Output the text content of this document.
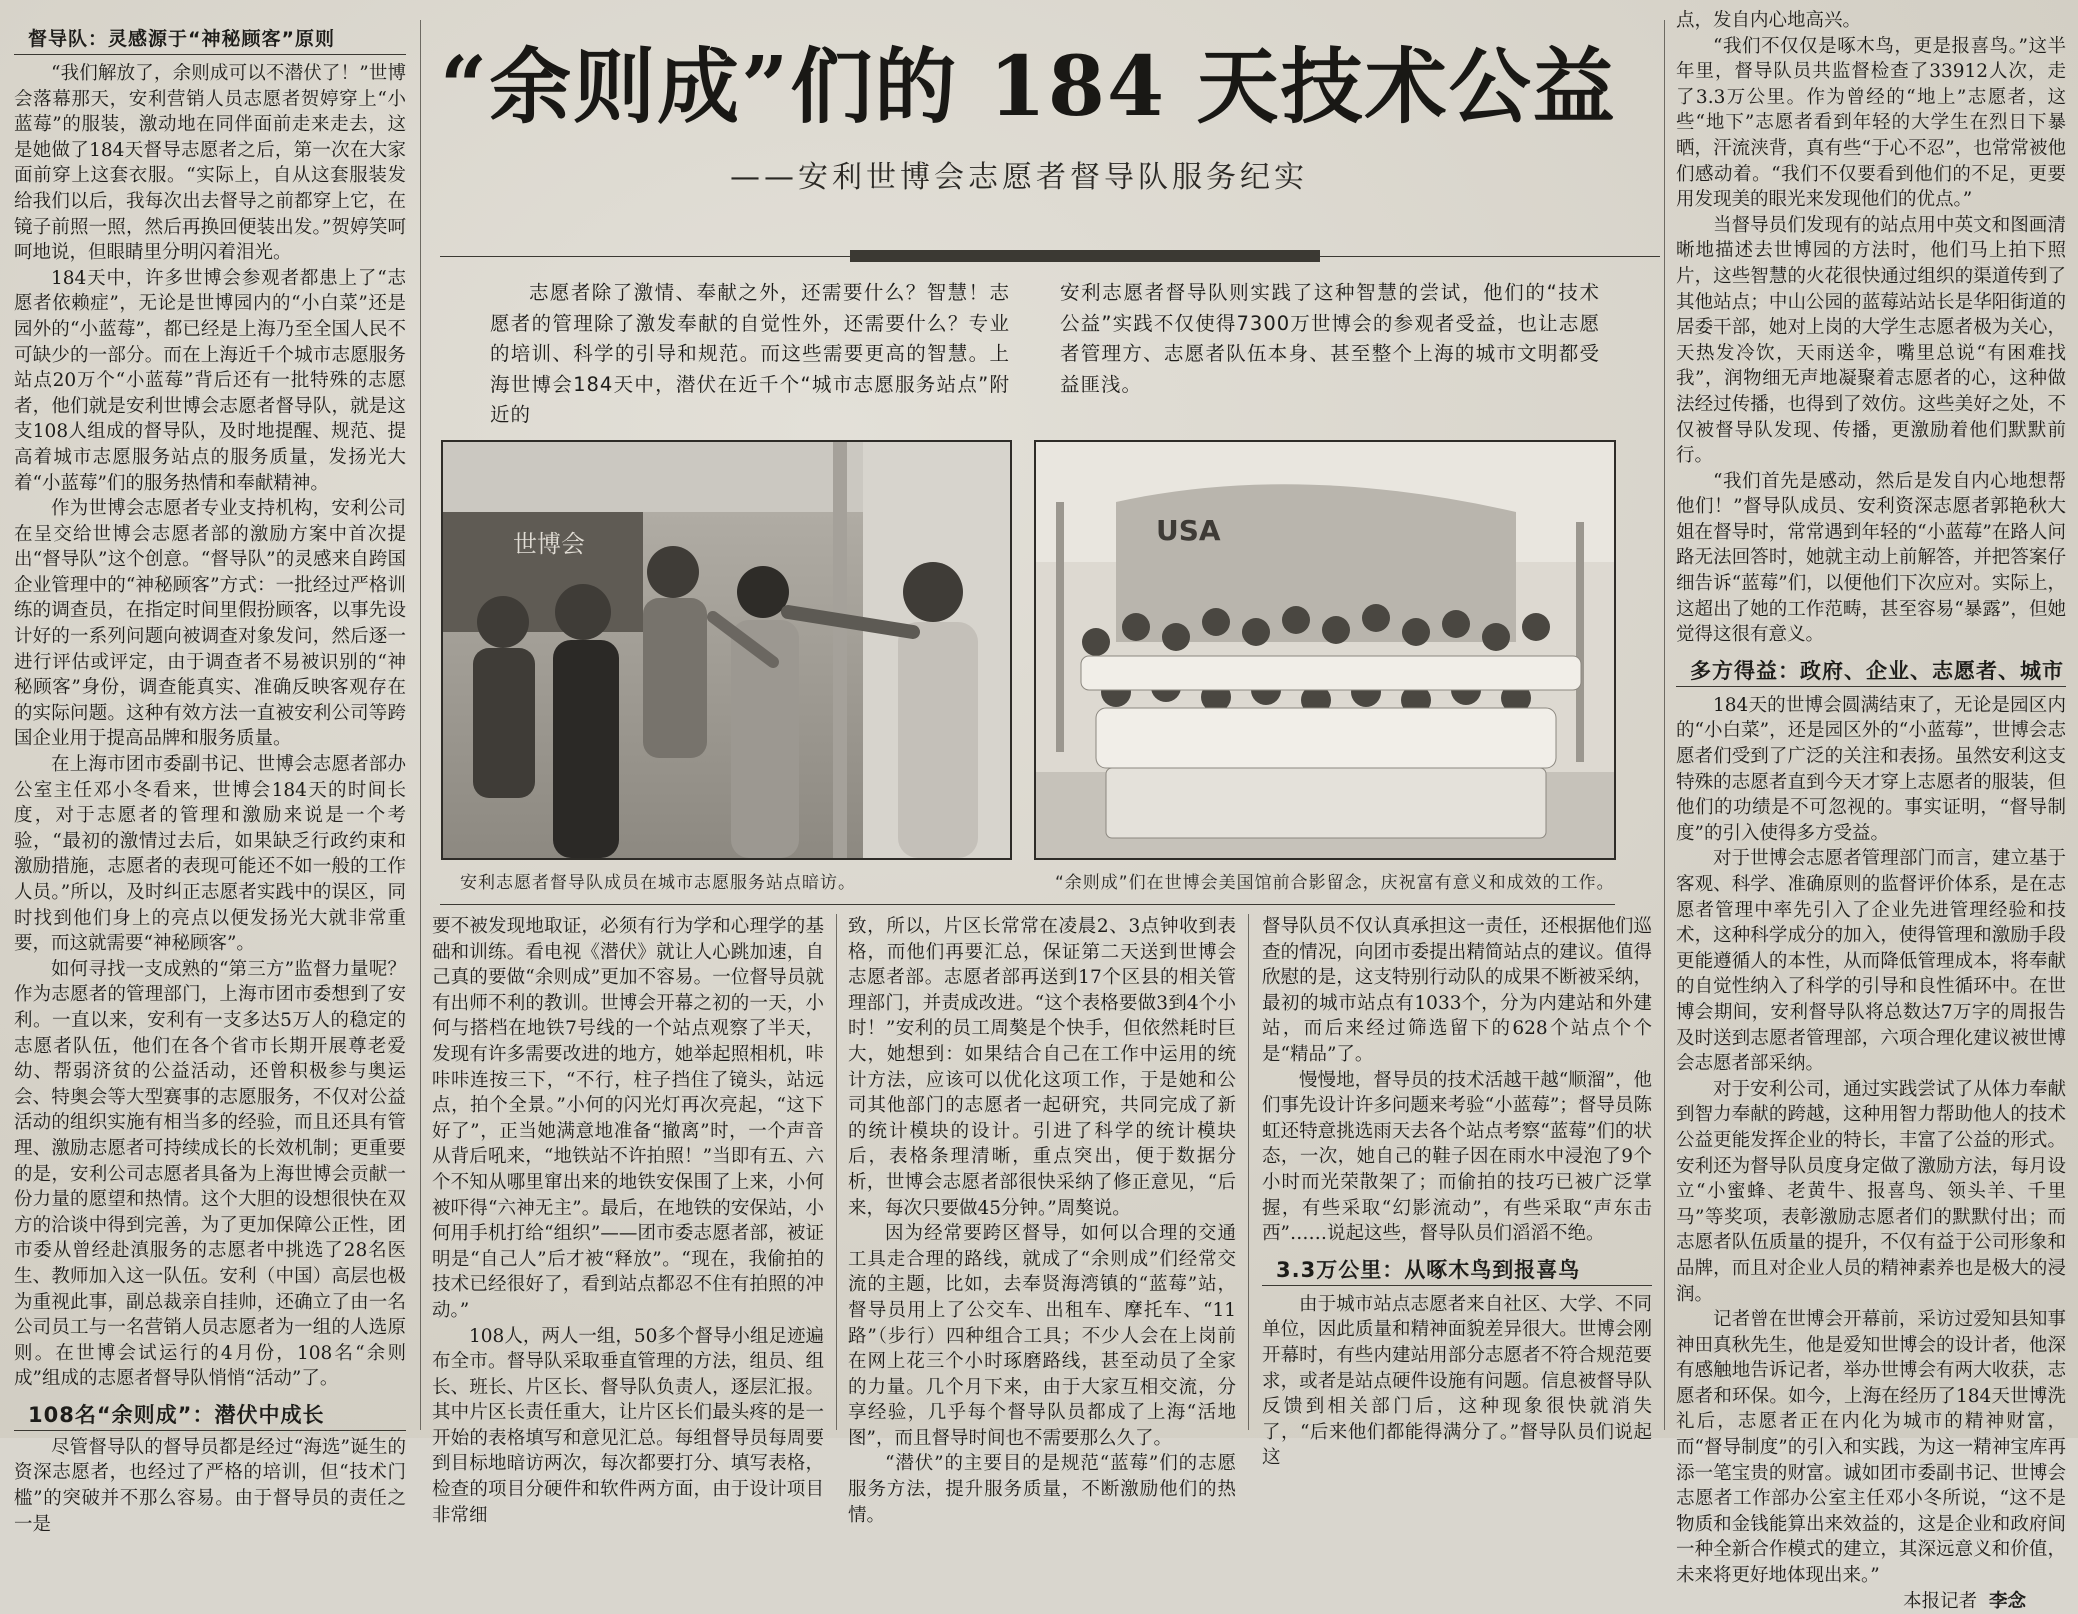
督导队：灵感源于“神秘顾客”原则

“我们解放了，余则成可以不潜伏了！”世博会落幕那天，安利营销人员志愿者贺婷穿上“小蓝莓”的服装，激动地在同伴面前走来走去，这是她做了184天督导志愿者之后，第一次在大家面前穿上这套衣服。“实际上，自从这套服装发给我们以后，我每次出去督导之前都穿上它，在镜子前照一照，然后再换回便装出发。”贺婷笑呵呵地说，但眼睛里分明闪着泪光。

184天中，许多世博会参观者都患上了“志愿者依赖症”，无论是世博园内的“小白菜”还是园外的“小蓝莓”，都已经是上海乃至全国人民不可缺少的一部分。而在上海近千个城市志愿服务站点20万个“小蓝莓”背后还有一批特殊的志愿者，他们就是安利世博会志愿者督导队，就是这支108人组成的督导队，及时地提醒、规范、提高着城市志愿服务站点的服务质量，发扬光大着“小蓝莓”们的服务热情和奉献精神。

作为世博会志愿者专业支持机构，安利公司在呈交给世博会志愿者部的激励方案中首次提出“督导队”这个创意。“督导队”的灵感来自跨国企业管理中的“神秘顾客”方式：一批经过严格训练的调查员，在指定时间里假扮顾客，以事先设计好的一系列问题向被调查对象发问，然后逐一进行评估或评定，由于调查者不易被识别的“神秘顾客”身份，调查能真实、准确反映客观存在的实际问题。这种有效方法一直被安利公司等跨国企业用于提高品牌和服务质量。

在上海市团市委副书记、世博会志愿者部办公室主任邓小冬看来，世博会184天的时间长度，对于志愿者的管理和激励来说是一个考验，“最初的激情过去后，如果缺乏行政约束和激励措施，志愿者的表现可能还不如一般的工作人员。”所以，及时纠正志愿者实践中的误区，同时找到他们身上的亮点以便发扬光大就非常重要，而这就需要“神秘顾客”。

如何寻找一支成熟的“第三方”监督力量呢？作为志愿者的管理部门，上海市团市委想到了安利。一直以来，安利有一支多达5万人的稳定的志愿者队伍，他们在各个省市长期开展尊老爱幼、帮弱济贫的公益活动，还曾积极参与奥运会、特奥会等大型赛事的志愿服务，不仅对公益活动的组织实施有相当多的经验，而且还具有管理、激励志愿者可持续成长的长效机制；更重要的是，安利公司志愿者具备为上海世博会贡献一份力量的愿望和热情。这个大胆的设想很快在双方的洽谈中得到完善，为了更加保障公正性，团市委从曾经赴滇服务的志愿者中挑选了28名医生、教师加入这一队伍。安利（中国）高层也极为重视此事，副总裁亲自挂帅，还确立了由一名公司员工与一名营销人员志愿者为一组的人选原则。在世博会试运行的4月份，108名“余则成”组成的志愿者督导队悄悄“活动”了。

108名“余则成”：潜伏中成长

尽管督导队的督导员都是经过“海选”诞生的资深志愿者，也经过了严格的培训，但“技术门槛”的突破并不那么容易。由于督导员的责任之一是

“余则成”们的 184 天技术公益
——安利世博会志愿者督导队服务纪实
志愿者除了激情、奉献之外，还需要什么？智慧！志愿者的管理除了激发奉献的自觉性外，还需要什么？专业的培训、科学的引导和规范。而这些需要更高的智慧。上海世博会184天中，潜伏在近千个“城市志愿服务站点”附近的
安利志愿者督导队则实践了这种智慧的尝试，他们的“技术公益”实践不仅使得7300万世博会的参观者受益，也让志愿者管理方、志愿者队伍本身、甚至整个上海的城市文明都受益匪浅。
世博会
安利志愿者督导队成员在城市志愿服务站点暗访。
USA
“余则成”们在世博会美国馆前合影留念，庆祝富有意义和成效的工作。

要不被发现地取证，必须有行为学和心理学的基础和训练。看电视《潜伏》就让人心跳加速，自己真的要做“余则成”更加不容易。一位督导员就有出师不利的教训。世博会开幕之初的一天，小何与搭档在地铁7号线的一个站点观察了半天，发现有许多需要改进的地方，她举起照相机，咔咔咔连按三下，“不行，柱子挡住了镜头，站远点，拍个全景。”小何的闪光灯再次亮起，“这下好了”，正当她满意地准备“撤离”时，一个声音从背后吼来，“地铁站不许拍照！”当即有五、六个不知从哪里窜出来的地铁安保围了上来，小何被吓得“六神无主”。最后，在地铁的安保站，小何用手机打给“组织”——团市委志愿者部，被证明是“自己人”后才被“释放”。“现在，我偷拍的技术已经很好了，看到站点都忍不住有拍照的冲动。”

108人，两人一组，50多个督导小组足迹遍布全市。督导队采取垂直管理的方法，组员、组长、班长、片区长、督导队负责人，逐层汇报。其中片区长责任重大，让片区长们最头疼的是一开始的表格填写和意见汇总。每组督导员每周要到目标地暗访两次，每次都要打分、填写表格，检查的项目分硬件和软件两方面，由于设计项目非常细

致，所以，片区长常常在凌晨2、3点钟收到表格，而他们再要汇总，保证第二天送到世博会志愿者部。志愿者部再送到17个区县的相关管理部门，并责成改进。“这个表格要做3到4个小时！”安利的员工周獒是个快手，但依然耗时巨大，她想到：如果结合自己在工作中运用的统计方法，应该可以优化这项工作，于是她和公司其他部门的志愿者一起研究，共同完成了新的统计模块的设计。引进了科学的统计模块后，表格条理清晰，重点突出，便于数据分析，世博会志愿者部很快采纳了修正意见，“后来，每次只要做45分钟。”周獒说。

因为经常要跨区督导，如何以合理的交通工具走合理的路线，就成了“余则成”们经常交流的主题，比如，去奉贤海湾镇的“蓝莓”站，督导员用上了公交车、出租车、摩托车、“11路”（步行）四种组合工具；不少人会在上岗前在网上花三个小时琢磨路线，甚至动员了全家的力量。几个月下来，由于大家互相交流，分享经验，几乎每个督导队员都成了上海“活地图”，而且督导时间也不需要那么久了。

“潜伏”的主要目的是规范“蓝莓”们的志愿服务方法，提升服务质量，不断激励他们的热情。

督导队员不仅认真承担这一责任，还根据他们巡查的情况，向团市委提出精简站点的建议。值得欣慰的是，这支特别行动队的成果不断被采纳，最初的城市站点有1033个，分为内建站和外建站，而后来经过筛选留下的628个站点个个是“精品”了。

慢慢地，督导员的技术活越干越“顺溜”，他们事先设计许多问题来考验“小蓝莓”；督导员陈虹还特意挑选雨天去各个站点考察“蓝莓”们的状态，一次，她自己的鞋子因在雨水中浸泡了9个小时而光荣散架了；而偷拍的技巧已被广泛掌握，有些采取“幻影流动”，有些采取“声东击西”……说起这些，督导队员们滔滔不绝。

3.3万公里：从啄木鸟到报喜鸟

由于城市站点志愿者来自社区、大学、不同单位，因此质量和精神面貌差异很大。世博会刚开幕时，有些内建站用部分志愿者不符合规范要求，或者是站点硬件设施有问题。信息被督导队反馈到相关部门后，这种现象很快就消失了，“后来他们都能得满分了。”督导队员们说起这

点，发自内心地高兴。

“我们不仅仅是啄木鸟，更是报喜鸟。”这半年里，督导队员共监督检查了33912人次，走了3.3万公里。作为曾经的“地上”志愿者，这些“地下”志愿者看到年轻的大学生在烈日下暴晒，汗流浃背，真有些“于心不忍”，也常常被他们感动着。“我们不仅要看到他们的不足，更要用发现美的眼光来发现他们的优点。”

当督导员们发现有的站点用中英文和图画清晰地描述去世博园的方法时，他们马上拍下照片，这些智慧的火花很快通过组织的渠道传到了其他站点；中山公园的蓝莓站站长是华阳街道的居委干部，她对上岗的大学生志愿者极为关心，天热发冷饮，天雨送伞，嘴里总说“有困难找我”，润物细无声地凝聚着志愿者的心，这种做法经过传播，也得到了效仿。这些美好之处，不仅被督导队发现、传播，更激励着他们默默前行。

“我们首先是感动，然后是发自内心地想帮他们！”督导队成员、安利资深志愿者郭艳秋大姐在督导时，常常遇到年轻的“小蓝莓”在路人问路无法回答时，她就主动上前解答，并把答案仔细告诉“蓝莓”们，以便他们下次应对。实际上，这超出了她的工作范畴，甚至容易“暴露”，但她觉得这很有意义。

多方得益：政府、企业、志愿者、城市

184天的世博会圆满结束了，无论是园区内的“小白菜”，还是园区外的“小蓝莓”，世博会志愿者们受到了广泛的关注和表扬。虽然安利这支特殊的志愿者直到今天才穿上志愿者的服装，但他们的功绩是不可忽视的。事实证明，“督导制度”的引入使得多方受益。

对于世博会志愿者管理部门而言，建立基于客观、科学、准确原则的监督评价体系，是在志愿者管理中率先引入了企业先进管理经验和技术，这种科学成分的加入，使得管理和激励手段更能遵循人的本性，从而降低管理成本，将奉献的自觉性纳入了科学的引导和良性循环中。在世博会期间，安利督导队将总数达7万字的周报告及时送到志愿者管理部，六项合理化建议被世博会志愿者部采纳。

对于安利公司，通过实践尝试了从体力奉献到智力奉献的跨越，这种用智力帮助他人的技术公益更能发挥企业的特长，丰富了公益的形式。安利还为督导队员度身定做了激励方法，每月设立“小蜜蜂、老黄牛、报喜鸟、领头羊、千里马”等奖项，表彰激励志愿者们的默默付出；而志愿者队伍质量的提升，不仅有益于公司形象和品牌，而且对企业人员的精神素养也是极大的浸润。

记者曾在世博会开幕前，采访过爱知县知事神田真秋先生，他是爱知世博会的设计者，他深有感触地告诉记者，举办世博会有两大收获，志愿者和环保。如今，上海在经历了184天世博洗礼后，志愿者正在内化为城市的精神财富，而“督导制度”的引入和实践，为这一精神宝库再添一笔宝贵的财富。诚如团市委副书记、世博会志愿者工作部办公室主任邓小冬所说，“这不是物质和金钱能算出来效益的，这是企业和政府间一种全新合作模式的建立，其深远意义和价值，未来将更好地体现出来。”

本报记者 李念
